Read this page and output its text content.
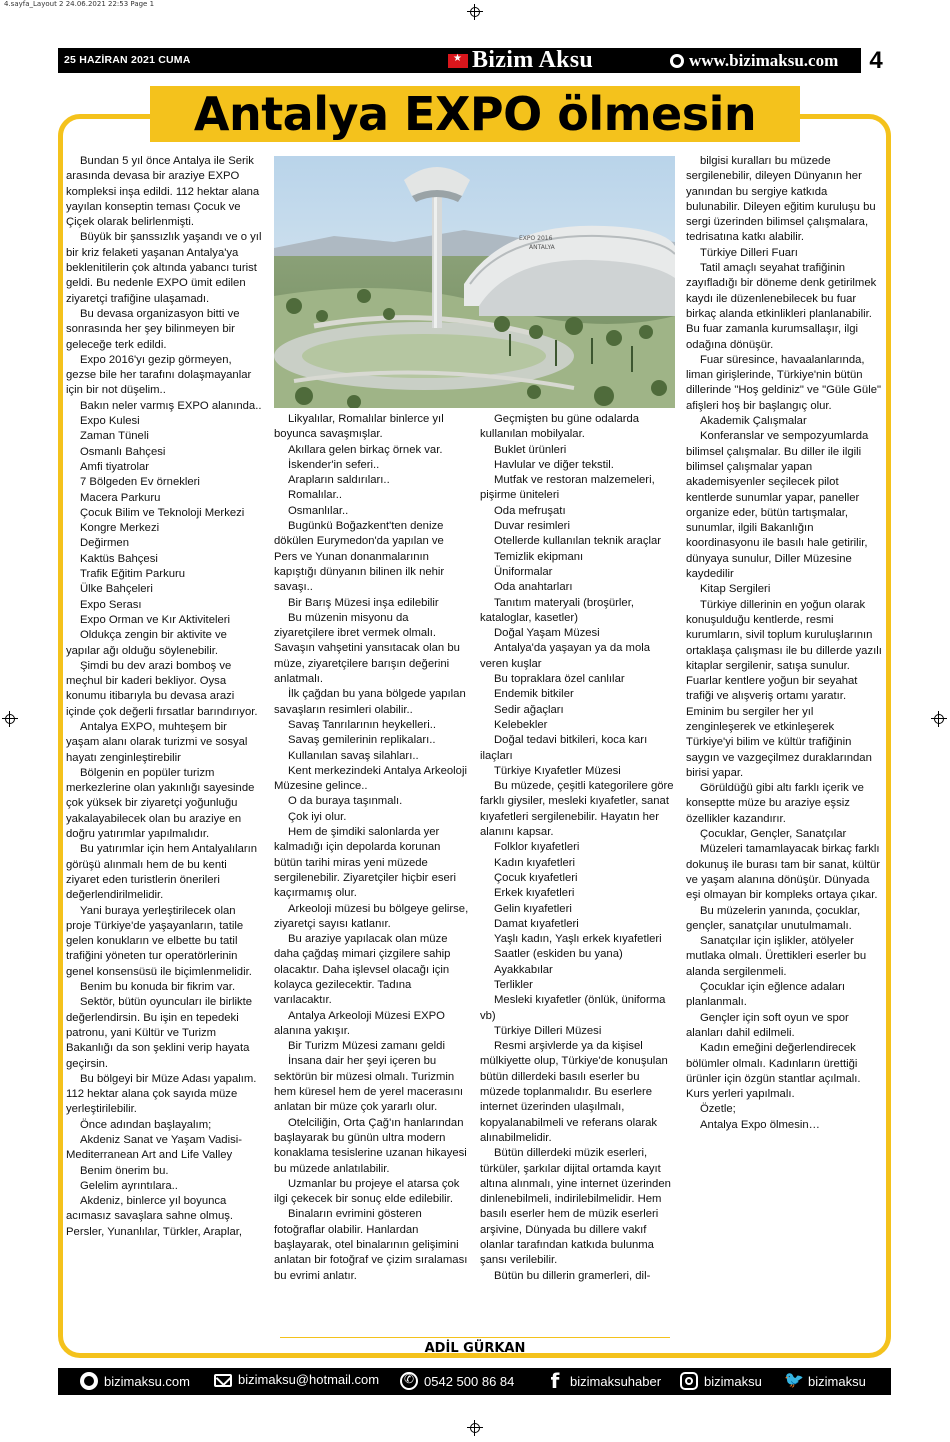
4.sayfa_Layout 2 24.06.2021 22:53 Page 1
25 HAZİRAN 2021 CUMA ★	Bizim Aksu	www.bizimaksu.com	4
Antalya EXPO ölmesin

Bundan 5 yıl önce Antalya ile Serik arasında devasa bir araziye EXPO kompleksi inşa edildi. 112 hektar alana yayılan konseptin teması Çocuk ve Çiçek olarak belirlenmişti.

Büyük bir şanssızlık yaşandı ve o yıl bir kriz felaketi yaşanan Antalya'ya beklenitilerin çok altında yabancı turist geldi. Bu nedenle EXPO ümit edilen ziyaretçi trafiğine ulaşamadı.

Bu devasa organizasyon bitti ve sonrasında her şey bilinmeyen bir geleceğe terk edildi.

Expo 2016'yı gezip görmeyen, gezse bile her tarafını dolaşmayanlar için bir not düşelim..

Bakın neler varmış EXPO alanında..

Expo Kulesi

Zaman Tüneli

Osmanlı Bahçesi

Amfi tiyatrolar

7 Bölgeden Ev örnekleri

Macera Parkuru

Çocuk Bilim ve Teknoloji Merkezi

Kongre Merkezi

Değirmen

Kaktüs Bahçesi

Trafik Eğitim Parkuru

Ülke Bahçeleri

Expo Serası

Expo Orman ve Kır Aktiviteleri

Oldukça zengin bir aktivite ve yapılar ağı olduğu söylenebilir.

Şimdi bu dev arazi bomboş ve meçhul bir kaderi bekliyor. Oysa konumu itibarıyla bu devasa arazi içinde çok değerli fırsatlar barındırıyor.

Antalya EXPO, muhteşem bir yaşam alanı olarak turizmi ve sosyal hayatı zenginleştirebilir

Bölgenin en popüler turizm merkezlerine olan yakınlığı sayesinde çok yüksek bir ziyaretçi yoğunluğu yakalayabilecek olan bu araziye en doğru yatırımlar yapılmalıdır.

Bu yatırımlar için hem Antalyalıların görüşü alınmalı hem de bu kenti ziyaret eden turistlerin önerileri değerlendirilmelidir.

Yani buraya yerleştirilecek olan proje Türkiye'de yaşayanların, tatile gelen konukların ve elbette bu tatil trafiğini yöneten tur operatörlerinin genel konsensüsü ile biçimlenmelidir.

Benim bu konuda bir fikrim var.

Sektör, bütün oyuncuları ile birlikte değerlendirsin. Bu işin en tepedeki patronu, yani Kültür ve Turizm Bakanlığı da son şeklini verip hayata geçirsin.

Bu bölgeyi bir Müze Adası yapalım. 112 hektar alana çok sayıda müze yerleştirilebilir.

Önce adından başlayalım;

Akdeniz Sanat ve Yaşam Vadisi- Mediterranean Art and Life Valley

Benim önerim bu.

Gelelim ayrıntılara..

Akdeniz, binlerce yıl boyunca acımasız savaşlara sahne olmuş. Persler, Yunanlılar, Türkler, Araplar,

EXPO 2016
ANTALYA

Likyalılar, Romalılar binlerce yıl boyunca savaşmışlar.

Akıllara gelen birkaç örnek var.

İskender'in seferi..

Arapların saldırıları..

Romalılar..

Osmanlılar..

Bugünkü Boğazkent'ten denize dökülen Eurymedon'da yapılan ve Pers ve Yunan donanmalarının kapıştığı dünyanın bilinen ilk nehir savaşı..

Bir Barış Müzesi inşa edilebilir

Bu müzenin misyonu da ziyaretçilere ibret vermek olmalı. Savaşın vahşetini yansıtacak olan bu müze, ziyaretçilere barışın değerini anlatmalı.

İlk çağdan bu yana bölgede yapılan savaşların resimleri olabilir..

Savaş Tanrılarının heykelleri..

Savaş gemilerinin replikaları..

Kullanılan savaş silahları..

Kent merkezindeki Antalya Arkeoloji Müzesine gelince..

O da buraya taşınmalı.

Çok iyi olur.

Hem de şimdiki salonlarda yer kalmadığı için depolarda korunan bütün tarihi miras yeni müzede sergilenebilir. Ziyaretçiler hiçbir eseri kaçırmamış olur.

Arkeoloji müzesi bu bölgeye gelirse, ziyaretçi sayısı katlanır.

Bu araziye yapılacak olan müze daha çağdaş mimari çizgilere sahip olacaktır. Daha işlevsel olacağı için kolayca gezilecektir. Tadına varılacaktır.

Antalya Arkeoloji Müzesi EXPO alanına yakışır.

Bir Turizm Müzesi zamanı geldi

İnsana dair her şeyi içeren bu sektörün bir müzesi olmalı. Turizmin hem küresel hem de yerel macerasını anlatan bir müze çok yararlı olur.

Otelciliğin, Orta Çağ'ın hanlarından başlayarak bu günün ultra modern konaklama tesislerine uzanan hikayesi bu müzede anlatılabilir.

Uzmanlar bu projeye el atarsa çok ilgi çekecek bir sonuç elde edilebilir.

Binaların evrimini gösteren fotoğraflar olabilir. Hanlardan başlayarak, otel binalarının gelişimini anlatan bir fotoğraf ve çizim sıralaması bu evrimi anlatır.

Geçmişten bu güne odalarda kullanılan mobilyalar.

Buklet ürünleri

Havlular ve diğer tekstil.

Mutfak ve restoran malzemeleri, pişirme üniteleri

Oda mefruşatı

Duvar resimleri

Otellerde kullanılan teknik araçlar

Temizlik ekipmanı

Üniformalar

Oda anahtarları

Tanıtım materyali (broşürler, kataloglar, kasetler)

Doğal Yaşam Müzesi

Antalya'da yaşayan ya da mola veren kuşlar

Bu topraklara özel canlılar

Endemik bitkiler

Sedir ağaçları

Kelebekler

Doğal tedavi bitkileri, koca karı ilaçları

Türkiye Kıyafetler Müzesi

Bu müzede, çeşitli kategorilere göre farklı giysiler, mesleki kıyafetler, sanat kıyafetleri sergilenebilir. Hayatın her alanını kapsar.

Folklor kıyafetleri

Kadın kıyafetleri

Çocuk kıyafetleri

Erkek kıyafetleri

Gelin kıyafetleri

Damat kıyafetleri

Yaşlı kadın, Yaşlı erkek kıyafetleri

Saatler (eskiden bu yana)

Ayakkabılar

Terlikler

Mesleki kıyafetler (önlük, üniforma vb)

Türkiye Dilleri Müzesi

Resmi arşivlerde ya da kişisel mülkiyette olup, Türkiye'de konuşulan bütün dillerdeki basılı eserler bu müzede toplanmalıdır. Bu eserlere internet üzerinden ulaşılmalı, kopyalanabilmeli ve referans olarak alınabilmelidir.

Bütün dillerdeki müzik eserleri, türküler, şarkılar dijital ortamda kayıt altına alınmalı, yine internet üzerinden dinlenebilmeli, indirilebilmelidir. Hem basılı eserler hem de müzik eserleri arşivine, Dünyada bu dillere vakıf olanlar tarafından katkıda bulunma şansı verilebilir.

Bütün bu dillerin gramerleri, dil-

bilgisi kuralları bu müzede sergilenebilir, dileyen Dünyanın her yanından bu sergiye katkıda bulunabilir. Dileyen eğitim kuruluşu bu sergi üzerinden bilimsel çalışmalara, tedrisatına katkı alabilir.

Türkiye Dilleri Fuarı

Tatil amaçlı seyahat trafiğinin zayıfladığı bir döneme denk getirilmek kaydı ile düzenlenebilecek bu fuar birkaç alanda etkinlikleri planlanabilir. Bu fuar zamanla kurumsallaşır, ilgi odağına dönüşür.

Fuar süresince, havaalanlarında, liman girişlerinde, Türkiye'nin bütün dillerinde "Hoş geldiniz" ve "Güle Güle" afişleri hoş bir başlangıç olur.

Akademik Çalışmalar

Konferanslar ve sempozyumlarda bilimsel çalışmalar. Bu diller ile ilgili bilimsel çalışmalar yapan akademisyenler seçilecek pilot kentlerde sunumlar yapar, paneller organize eder, bütün tartışmalar, sunumlar, ilgili Bakanlığın koordinasyonu ile basılı hale getirilir, dünyaya sunulur, Diller Müzesine kaydedilir

Kitap Sergileri

Türkiye dillerinin en yoğun olarak konuşulduğu kentlerde, resmi kurumların, sivil toplum kuruluşlarının ortaklaşa çalışması ile bu dillerde yazılı kitaplar sergilenir, satışa sunulur. Fuarlar kentlere yoğun bir seyahat trafiği ve alışveriş ortamı yaratır. Eminim bu sergiler her yıl zenginleşerek ve etkinleşerek Türkiye'yi bilim ve kültür trafiğinin saygın ve vazgeçilmez duraklarından birisi yapar.

Görüldüğü gibi altı farklı içerik ve konseptte müze bu araziye eşsiz özellikler kazandırır.

Çocuklar, Gençler, Sanatçılar

Müzeleri tamamlayacak birkaç farklı dokunuş ile burası tam bir sanat, kültür ve yaşam alanına dönüşür. Dünyada eşi olmayan bir kompleks ortaya çıkar.

Bu müzelerin yanında, çocuklar, gençler, sanatçılar unutulmamalı.

Sanatçılar için işlikler, atölyeler mutlaka olmalı. Ürettikleri eserler bu alanda sergilenmeli.

Çocuklar için eğlence adaları planlanmalı.

Gençler için soft oyun ve spor alanları dahil edilmeli.

Kadın emeğini değerlendirecek bölümler olmalı. Kadınların ürettiği ürünler için özgün stantlar açılmalı. Kurs yerleri yapılmalı.

Özetle;

Antalya Expo ölmesin…

ADİL GÜRKAN
bizimaksu.com	bizimaksu@hotmail.com ✆	0542 500 86 84 f bizimaksuhaber	bizimaksu 🐦 bizimaksu
